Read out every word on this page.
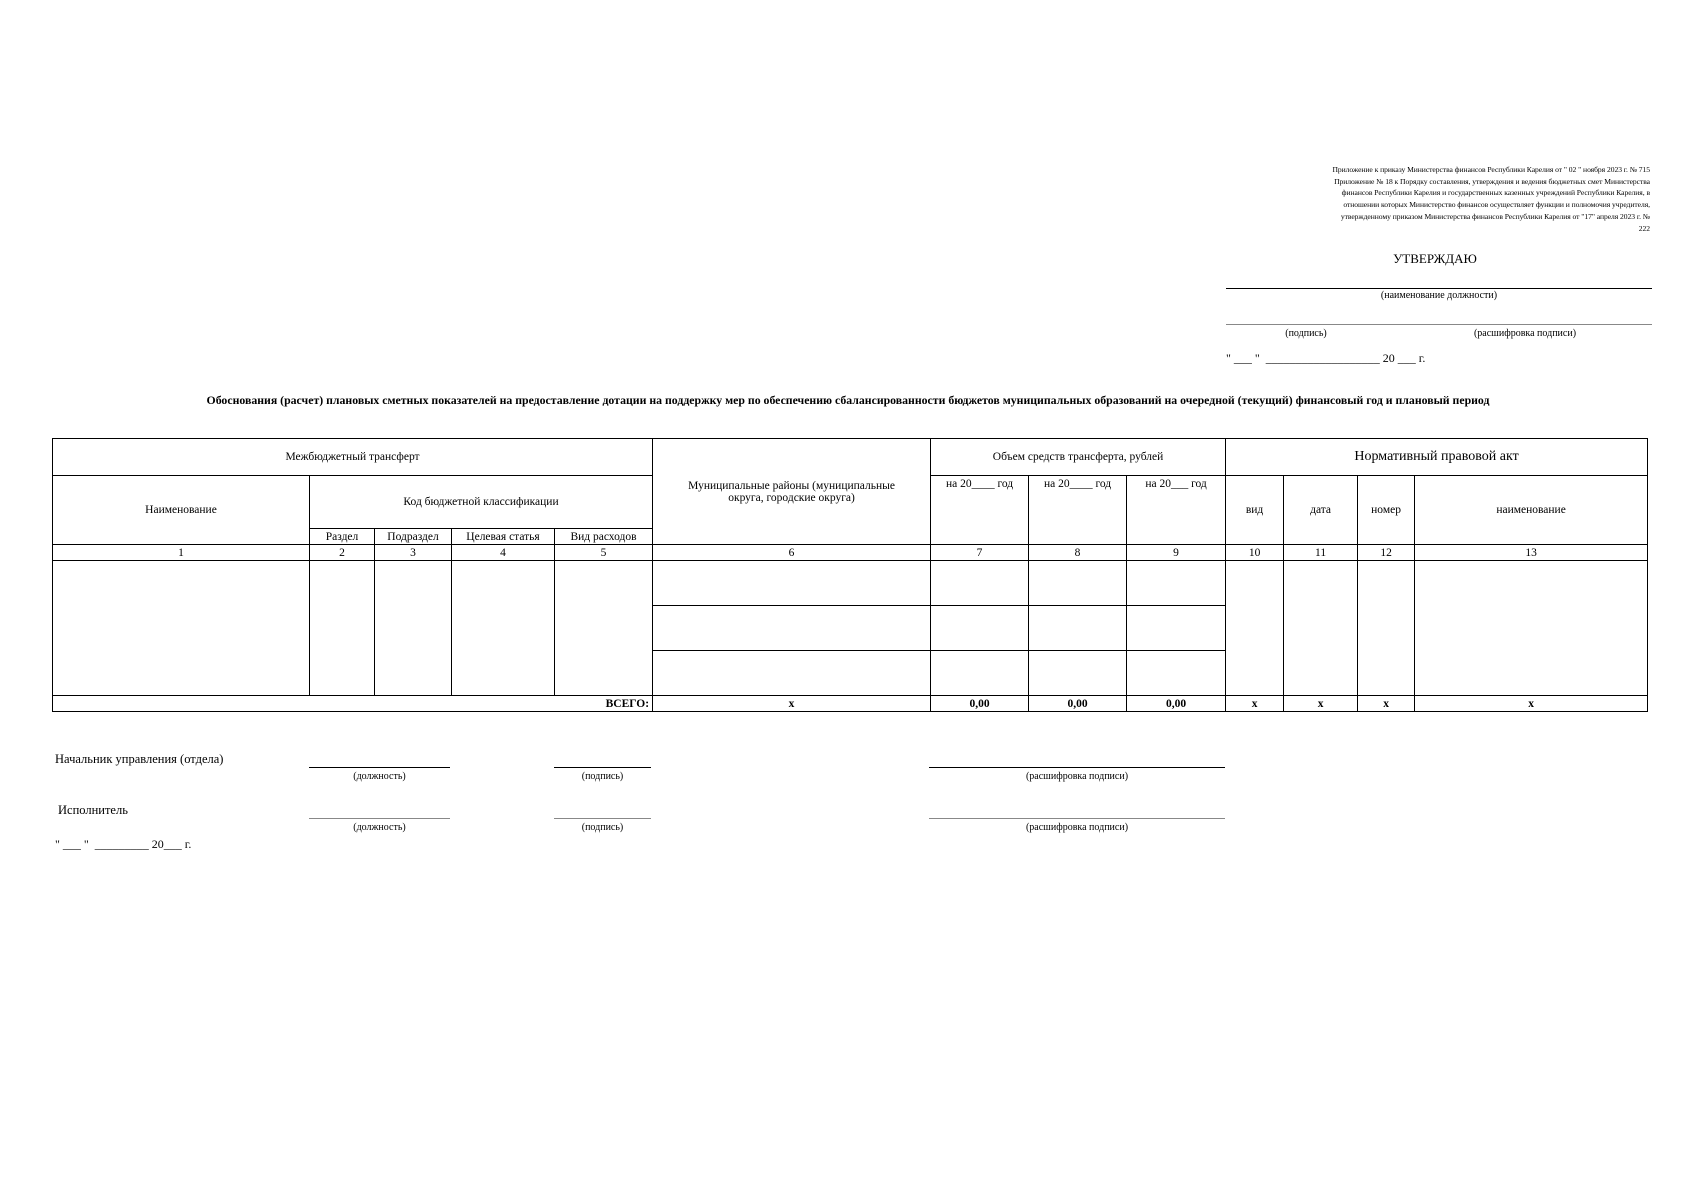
Приложение к приказу Министерства финансов Республики Карелия от " 02 " ноября 2023 г. № 715
Приложение № 18 к Порядку составления, утверждения и ведения бюджетных смет Министерства
финансов Республики Карелия и государственных казенных учреждений Республики Карелия, в
отношении которых Министерство финансов осуществляет функции и полномочия учредителя,
утвержденному приказом Министерства финансов Республики Карелия от "17" апреля 2023 г. №
222
УТВЕРЖДАЮ
(наименование должности)
(подпись)	(расшифровка подписи)
" ___ "  ___________________ 20 ___ г.
Обоснования (расчет) плановых сметных показателей на предоставление дотации на поддержку мер по обеспечению сбалансированности бюджетов муниципальных образований на очередной (текущий) финансовый год и плановый период
Межбюджетный трансферт					Муниципальные районы (муниципальные округа, городские округа)	Объем средств трансферта, рублей			Нормативный правовой акт			
Наименование	Код бюджетной классификации					на 20____ год	на 20____ год	на 20___ год	вид	дата	номер	наименование
	Раздел	Подраздел	Целевая статья	Вид расходов								
1	2	3	4	5	6	7	8	9	10	11	12	13

ВСЕГО:					x	0,00	0,00	0,00	x	x	x	x
Начальник управления (отдела)
(должность)	(подпись)	(расшифровка подписи)
Исполнитель
(должность)	(подпись)	(расшифровка подписи)
" ___ "  _________ 20___ г.
